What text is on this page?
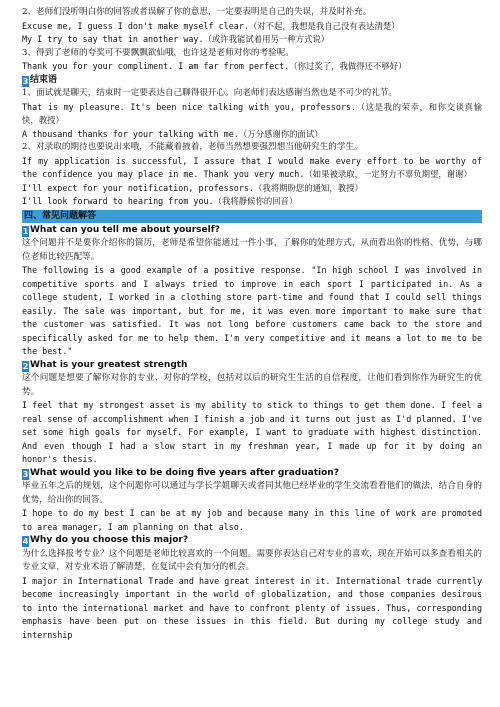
2、老师们没听明白你的回答或者误解了你的意思，一定要表明是自己的失误，并及时补充。
Excuse me, I guess I don't make myself clear.（对不起，我想是我自己没有表达清楚）
My I try to say that in another way.（或许我能试着用另一种方式说）
3、得到了老师的夸奖可不要飘飘欲仙哦，也许这是老师对你的考验呢。
Thank you for your compliment. I am far from perfect.（你过奖了，我做得还不够好）
3 结束语
1、面试就是聊天，结束时一定要表达自己聊得很开心。向老师们表达感谢当然也是不可少的礼节。
That is my pleasure. It's been nice talking with you, professors.（这是我的荣幸，和你交谈真愉快，教授）
A thousand thanks for your talking with me.（万分感谢你的面试）
2、对录取的期待也要说出来哦，不能藏着掖着，老师当然想要强烈想当他研究生的学生。
If my application is successful, I assure that I would make every effort to be worthy of the confidence you may place in me. Thank you very much.（如果被录取，一定努力不辜负期望，谢谢）
I'll expect for your notification, professors.（我将期盼您的通知，教授）
I'll look forward to hearing from you.（我将静候你的回音）
四、常见问题解答
1 What can you tell me about yourself?
这个问题并不是要你介绍你的简历，老师是希望你能通过一件小事，了解你的处理方式，从而看出你的性格、优势，与哪位老师比较匹配等。
The following is a good example of a positive response. "In high school I was involved in competitive sports and I always tried to improve in each sport I participated in. As a college student, I worked in a clothing store part-time and found that I could sell things easily. The sale was important, but for me, it was even more important to make sure that the customer was satisfied. It was not long before customers came back to the store and specifically asked for me to help them. I'm very competitive and it means a lot to me to be the best."
2 What is your greatest strength
这个问题是想要了解你对你的专业、对你的学校，包括对以后的研究生生活的自信程度，让他们看到你作为研究生的优势。
I feel that my strongest asset is my ability to stick to things to get them done. I feel a real sense of accomplishment when I finish a job and it turns out just as I'd planned. I've set some high goals for myself. For example, I want to graduate with highest distinction. And even though I had a slow start in my freshman year, I made up for it by doing an honor's thesis.
3 What would you like to be doing five years after graduation?
毕业五年之后的规划，这个问题你可以通过与学长学姐聊天或者同其他已经毕业的学生交流看看他们的做法，结合自身的优势，给出你的回答。
I hope to do my best I can be at my job and because many in this line of work are promoted to area manager, I am planning on that also.
4 Why do you choose this major?
为什么选择报考专业？这个问题是老师比较喜欢的一个问题。需要你表达自己对专业的喜欢，现在开始可以多查看相关的专业文章，对专业术语了解清楚，在复试中会有加分的机会。
I major in International Trade and have great interest in it. International trade currently become increasingly important in the world of globalization, and those companies desirous to into the international market and have to confront plenty of issues. Thus, corresponding emphasis have been put on these issues in this field. But during my college study and internship
